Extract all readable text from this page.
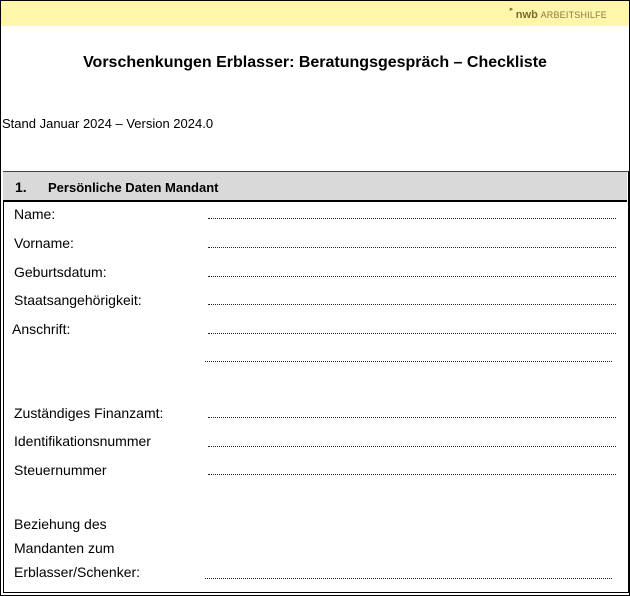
▸ nwb ARBEITSHILFE
Vorschenkungen Erblasser: Beratungsgespräch – Checkliste
Stand Januar 2024 – Version 2024.0
1. Persönliche Daten Mandant
Name:
Vorname:
Geburtsdatum:
Staatsangehörigkeit:
Anschrift:
Zuständiges Finanzamt:
Identifikationsnummer
Steuernummer
Beziehung des
Mandanten zum
Erblasser/Schenker:
